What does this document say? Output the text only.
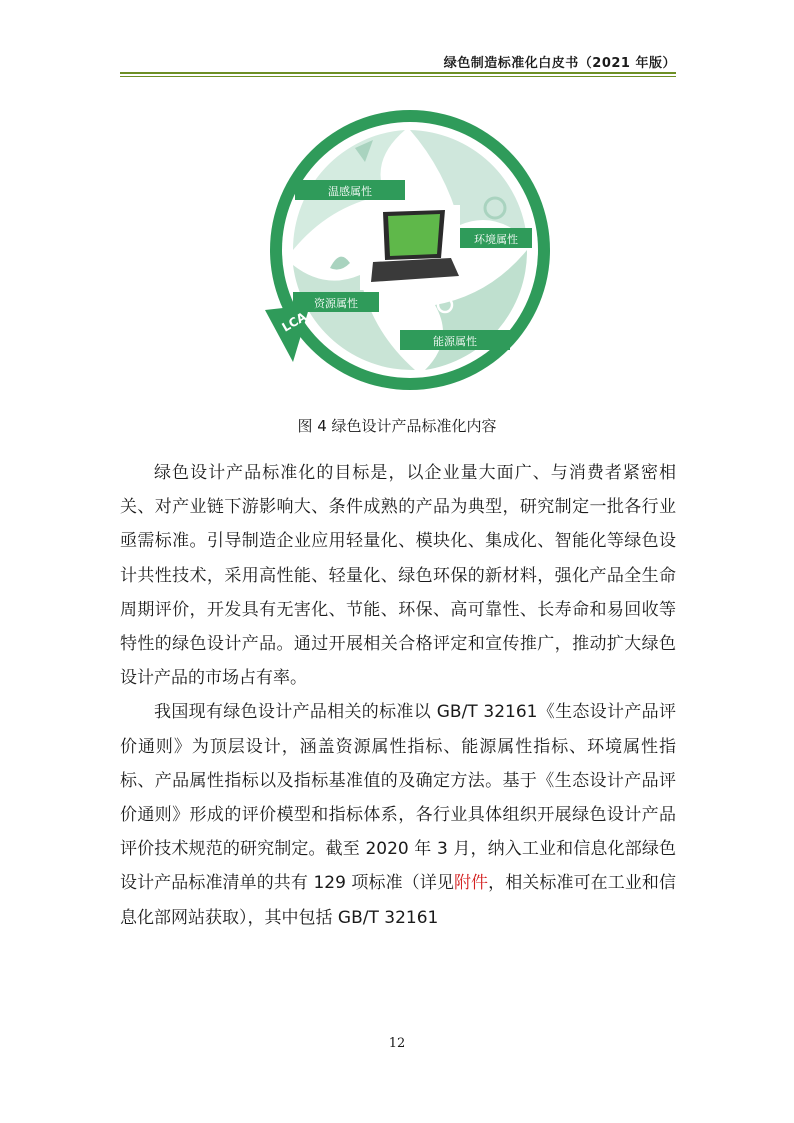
绿色制造标准化白皮书（2021 年版）
温感属性
环境属性
能源属性
资源属性
LCA
图 4 绿色设计产品标准化内容

绿色设计产品标准化的目标是，以企业量大面广、与消费者紧密相关、对产业链下游影响大、条件成熟的产品为典型，研究制定一批各行业亟需标准。引导制造企业应用轻量化、模块化、集成化、智能化等绿色设计共性技术，采用高性能、轻量化、绿色环保的新材料，强化产品全生命周期评价，开发具有无害化、节能、环保、高可靠性、长寿命和易回收等特性的绿色设计产品。通过开展相关合格评定和宣传推广，推动扩大绿色设计产品的市场占有率。

我国现有绿色设计产品相关的标准以 GB/T 32161《生态设计产品评价通则》为顶层设计，涵盖资源属性指标、能源属性指标、环境属性指标、产品属性指标以及指标基准值的及确定方法。基于《生态设计产品评价通则》形成的评价模型和指标体系，各行业具体组织开展绿色设计产品评价技术规范的研究制定。截至 2020 年 3 月，纳入工业和信息化部绿色设计产品标准清单的共有 129 项标准（详见附件，相关标准可在工业和信息化部网站获取），其中包括 GB/T 32161

12
